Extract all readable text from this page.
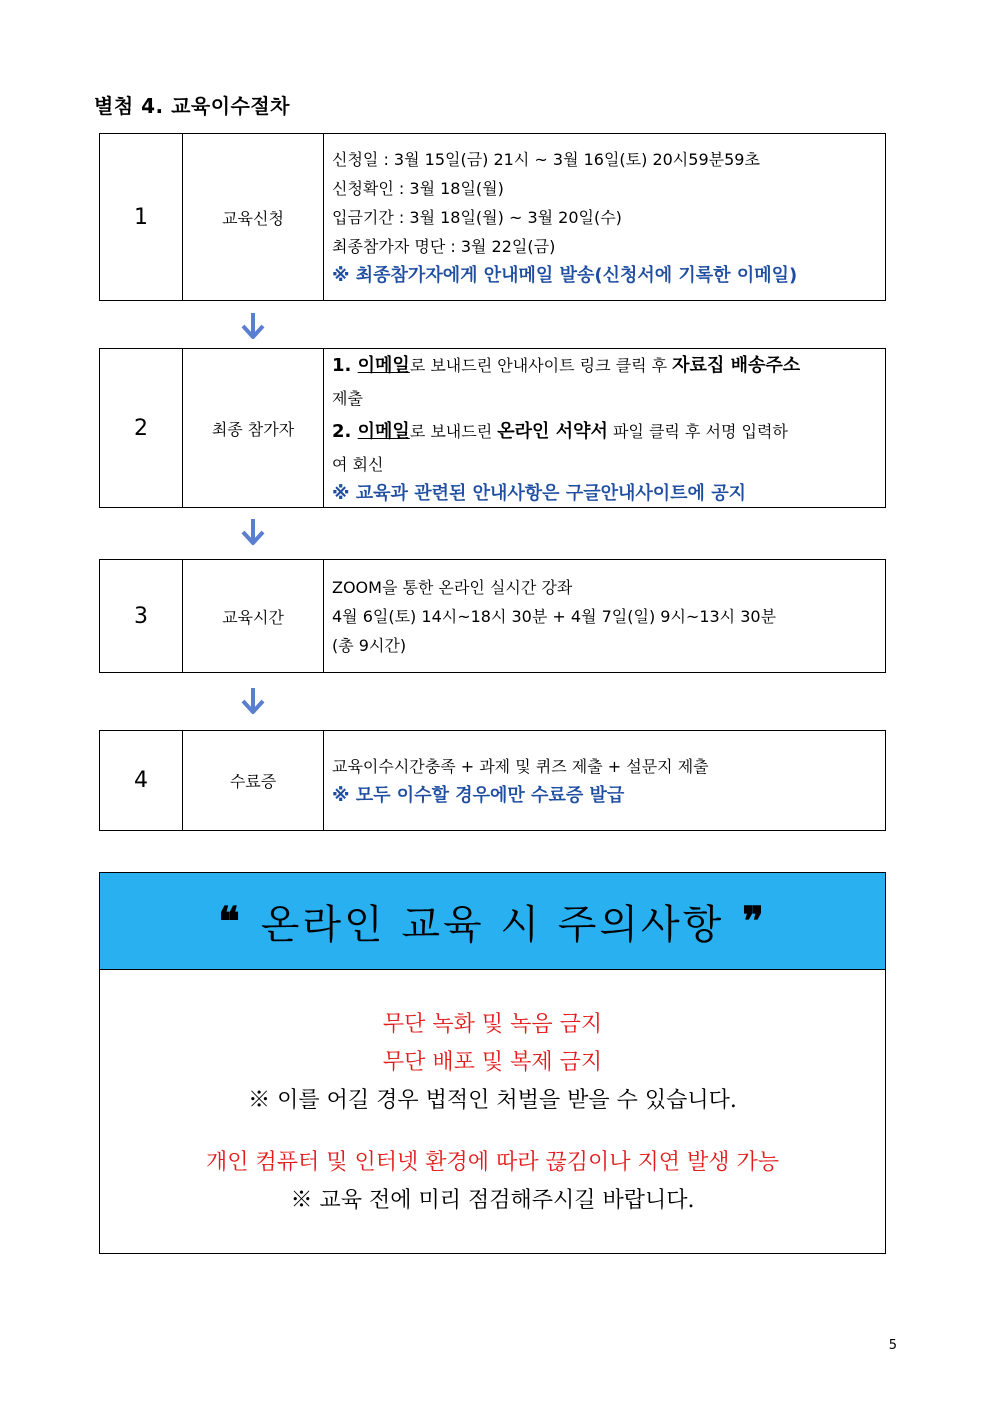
별첨 4. 교육이수절차
1	교육신청
신청일 : 3월 15일(금) 21시 ~ 3월 16일(토) 20시59분59초
신청확인 : 3월 18일(월)
입금기간 : 3월 18일(월) ~ 3월 20일(수)
최종참가자 명단 : 3월 22일(금)
※ 최종참가자에게 안내메일 발송(신청서에 기록한 이메일)
2	최종 참가자
1. 이메일로 보내드린 안내사이트 링크 클릭 후 자료집 배송주소
제출
2. 이메일로 보내드린 온라인 서약서 파일 클릭 후 서명 입력하
여 회신
※ 교육과 관련된 안내사항은 구글안내사이트에 공지
3	교육시간
ZOOM을 통한 온라인 실시간 강좌
4월 6일(토) 14시~18시 30분 + 4월 7일(일) 9시~13시 30분
(총 9시간)
4	수료증
교육이수시간충족 + 과제 및 퀴즈 제출 + 설문지 제출
※ 모두 이수할 경우에만 수료증 발급
❝ 온라인 교육 시 주의사항 ❞
무단 녹화 및 녹음 금지
무단 배포 및 복제 금지
※ 이를 어길 경우 법적인 처벌을 받을 수 있습니다.
개인 컴퓨터 및 인터넷 환경에 따라 끊김이나 지연 발생 가능
※ 교육 전에 미리 점검해주시길 바랍니다.
5
